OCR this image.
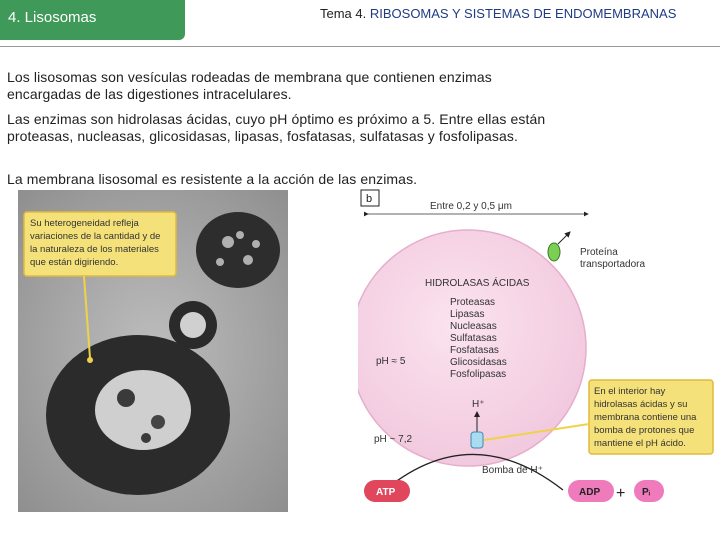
4. Lisosomas	Tema 4. RIBOSOMAS Y SISTEMAS DE ENDOMEMBRANAS
Los lisosomas son vesículas rodeadas de membrana que contienen enzimas encargadas de las digestiones intracelulares.
Las enzimas son hidrolasas ácidas, cuyo pH óptimo es próximo a 5. Entre ellas están proteasas, nucleasas, glicosidasas, lipasas, fosfatasas, sulfatasas y fosfolipasas.
La membrana lisosomal es resistente a la acción de las enzimas.
Su heterogeneidad refleja
variaciones de la cantidad y de
la naturaleza de los materiales
que están digiriendo.
b
Entre 0,2 y 0,5 μm
Proteína
transportadora
HIDROLASAS ÁCIDAS
Proteasas
Lipasas
Nucleasas
Sulfatasas
Fosfatasas
Glicosidasas
Fosfolipasas
pH ≈ 5
H⁺
pH ~ 7,2
Bomba de H⁺
En el interior hay
hidrolasas ácidas y su
membrana contiene una
bomba de protones que
mantiene el pH ácido.
ATP	ADP + Pᵢ
